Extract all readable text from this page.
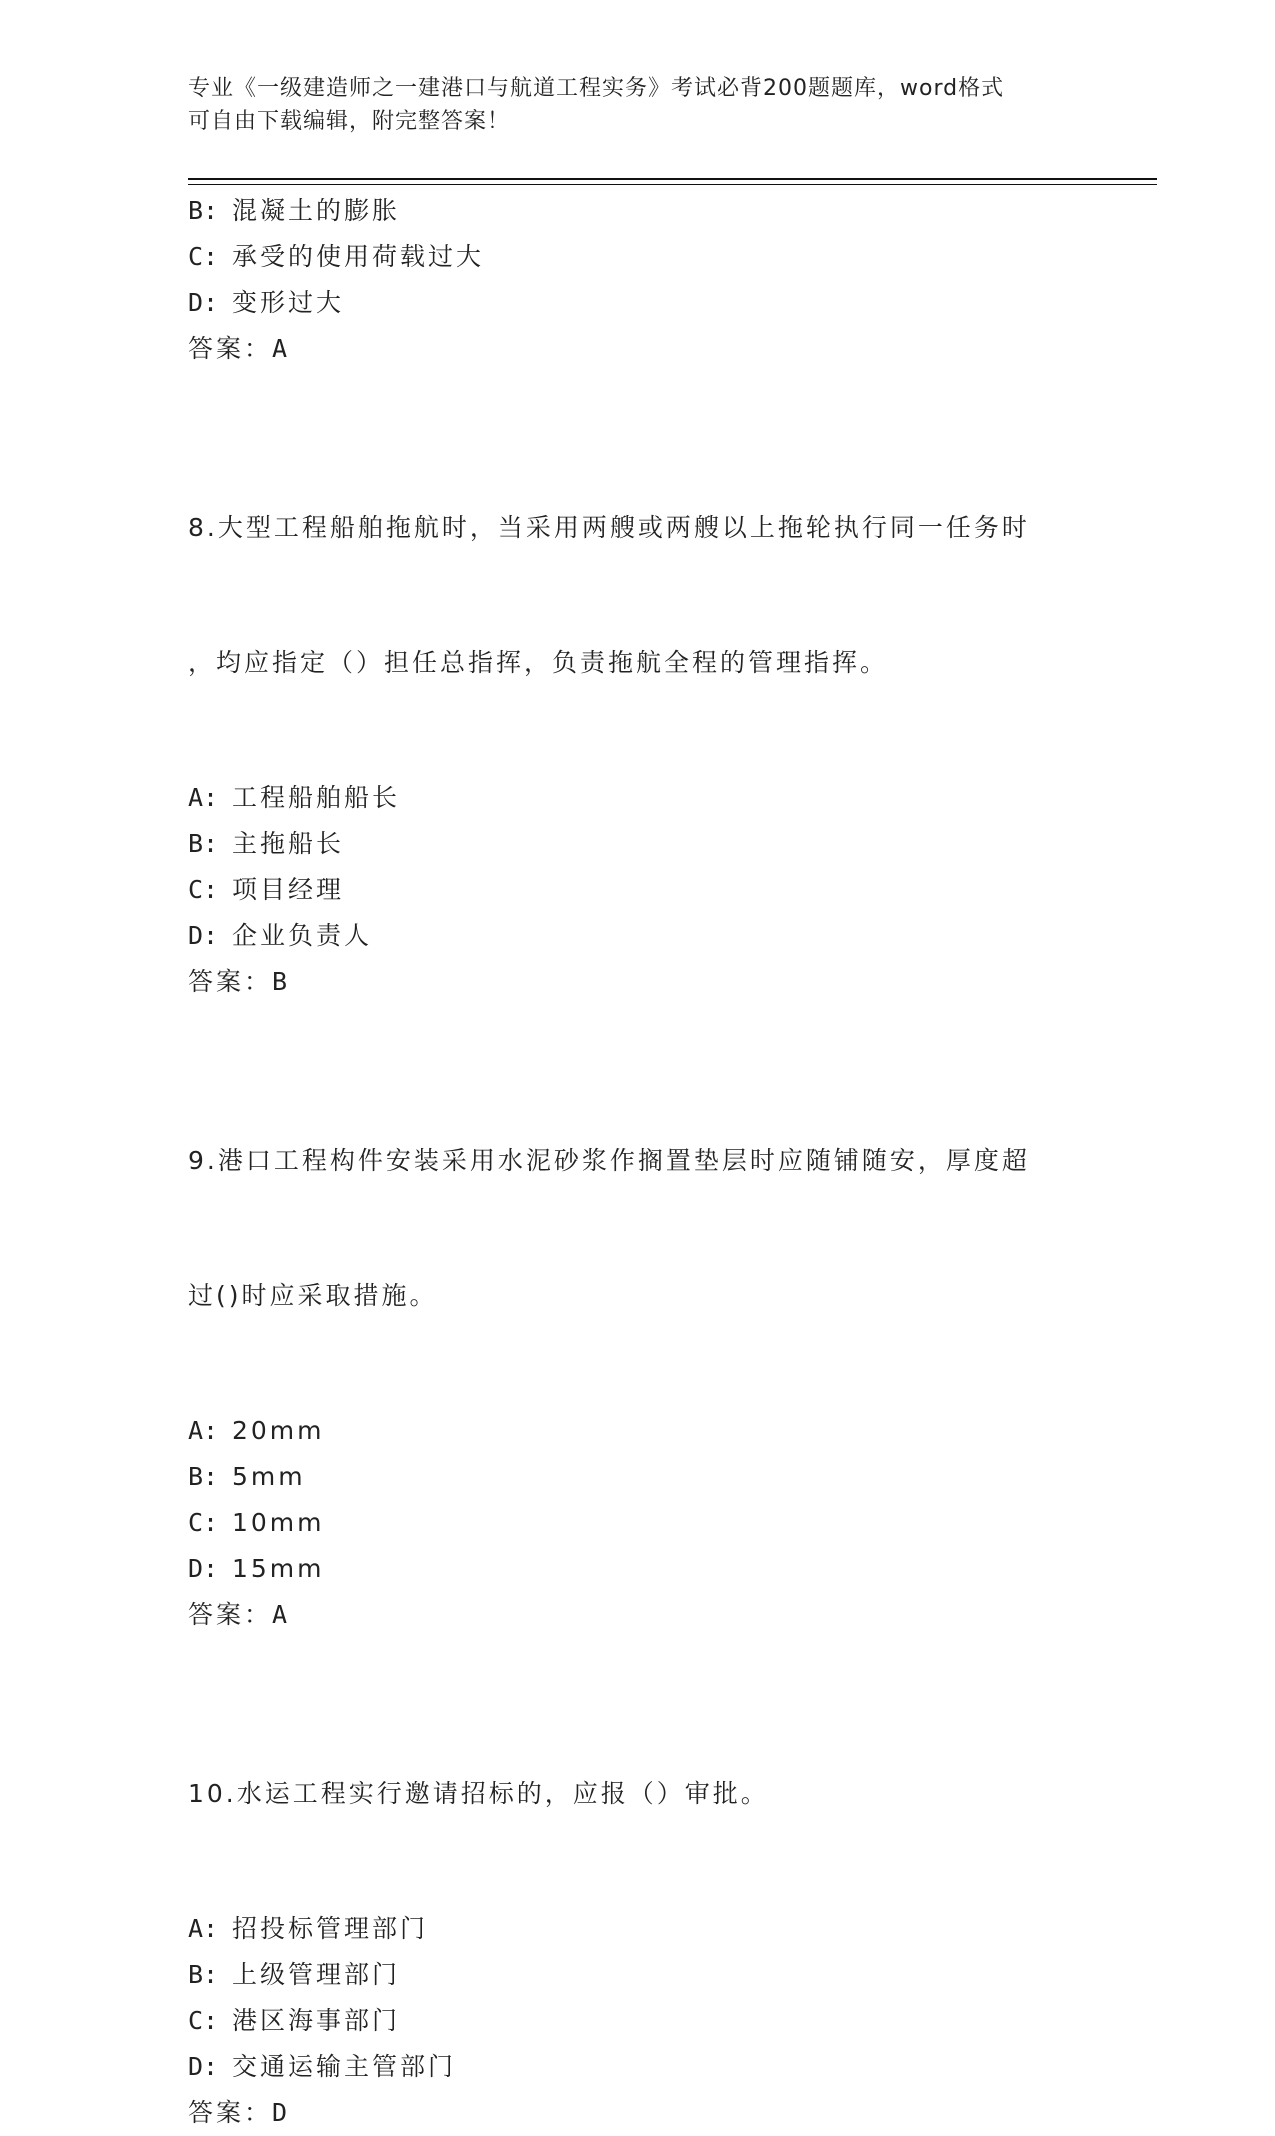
专业《一级建造师之一建港口与航道工程实务》考试必背200题题库，word格式
可自由下载编辑，附完整答案！
B: 混凝土的膨胀
C: 承受的使用荷载过大
D: 变形过大
答案：A

8.大型工程船舶拖航时，当采用两艘或两艘以上拖轮执行同一任务时

，均应指定（）担任总指挥，负责拖航全程的管理指挥。

A: 工程船舶船长
B: 主拖船长
C: 项目经理
D: 企业负责人
答案：B

9.港口工程构件安装采用水泥砂浆作搁置垫层时应随铺随安，厚度超

过()时应采取措施。

A: 20mm
B: 5mm
C: 10mm
D: 15mm
答案：A

10.水运工程实行邀请招标的，应报（）审批。

A: 招投标管理部门
B: 上级管理部门
C: 港区海事部门
D: 交通运输主管部门
答案：D
